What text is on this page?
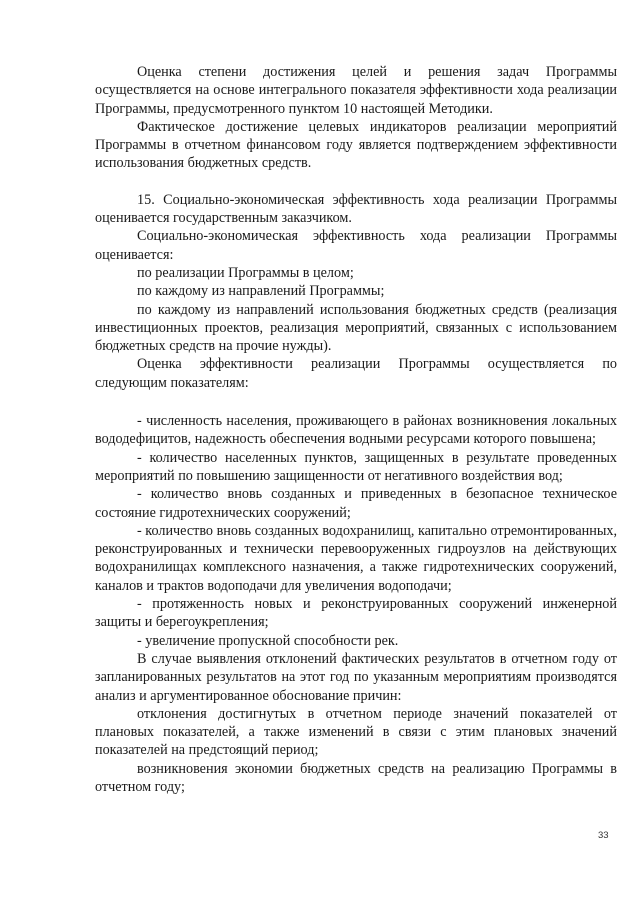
Оценка степени достижения целей и решения задач Программы осуществляется на основе интегрального показателя эффективности хода реализации Программы, предусмотренного пунктом 10 настоящей Методики.

Фактическое достижение целевых индикаторов реализации мероприятий Программы в отчетном финансовом году является подтверждением эффективности использования бюджетных средств.

15. Социально-экономическая эффективность хода реализации Программы оценивается государственным заказчиком.

Социально-экономическая эффективность хода реализации Программы оценивается:

по реализации Программы в целом;

по каждому из направлений Программы;

по каждому из направлений использования бюджетных средств (реализация инвестиционных проектов, реализация мероприятий, связанных с использованием бюджетных средств на прочие нужды).

Оценка эффективности реализации Программы осуществляется по следующим показателям:

- численность населения, проживающего в районах возникновения локальных вододефицитов, надежность обеспечения водными ресурсами которого повышена;

- количество населенных пунктов, защищенных в результате проведенных мероприятий по повышению защищенности от негативного воздействия вод;

- количество вновь созданных и приведенных в безопасное техническое состояние гидротехнических сооружений;

- количество вновь созданных водохранилищ, капитально отремонтированных, реконструированных и технически перевооруженных гидроузлов на действующих водохранилищах комплексного назначения, а также гидротехнических сооружений, каналов и трактов водоподачи для увеличения водоподачи;

- протяженность новых и реконструированных сооружений инженерной защиты и берегоукрепления;

- увеличение пропускной способности рек.

В случае выявления отклонений фактических результатов в отчетном году от запланированных результатов на этот год по указанным мероприятиям производятся анализ и аргументированное обоснование причин:

отклонения достигнутых в отчетном периоде значений показателей от плановых показателей, а также изменений в связи с этим плановых значений показателей на предстоящий период;

возникновения экономии бюджетных средств на реализацию Программы в отчетном году;

33
